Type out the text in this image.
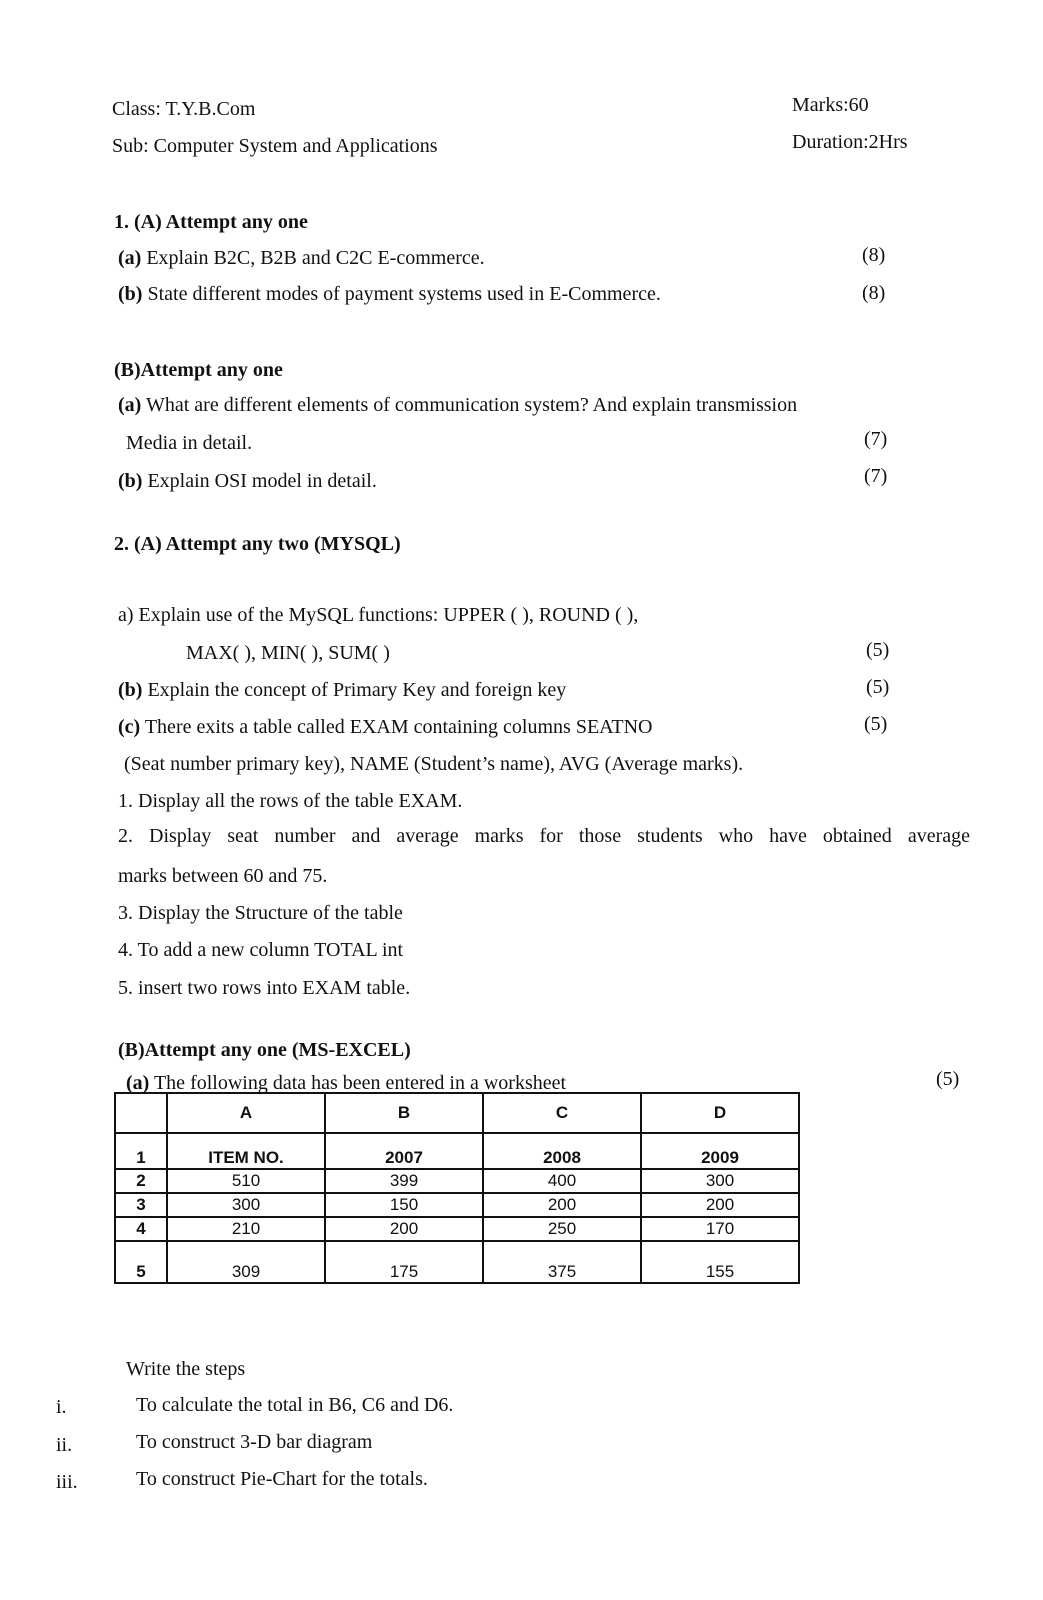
Class: T.Y.B.Com
Sub: Computer System and Applications
Marks:60
Duration:2Hrs
1. (A) Attempt any one
(a) Explain B2C, B2B and C2C E-commerce.	(8)
(b) State different modes of payment systems used in E-Commerce.	(8)
(B)Attempt any one
(a) What are different elements of communication system? And explain transmission
Media in detail.	(7)
(b) Explain OSI model in detail.	(7)
2. (A) Attempt any two (MYSQL)
a) Explain use of the MySQL functions: UPPER ( ), ROUND ( ),
MAX( ), MIN( ), SUM( )	(5)
(b) Explain the concept of Primary Key and foreign key	(5)
(c) There exits a table called EXAM containing columns SEATNO	(5)
(Seat number primary key), NAME (Student’s name), AVG (Average marks).
1. Display all the rows of the table EXAM.
2. Display seat number and average marks for those students who have obtained average
marks between 60 and 75.
3. Display the Structure of the table
4. To add a new column TOTAL int
5. insert two rows into EXAM table.
(B)Attempt any one (MS-EXCEL)
(a) The following data has been entered in a worksheet	(5)
	A	B	C	D
1	ITEM NO.	2007	2008	2009
2	510	399	400	300
3	300	150	200	200
4	210	200	250	170
5	309	175	375	155
Write the steps
i.	To calculate the total in B6, C6 and D6.
ii.	To construct 3-D bar diagram
iii.	To construct Pie-Chart for the totals.
